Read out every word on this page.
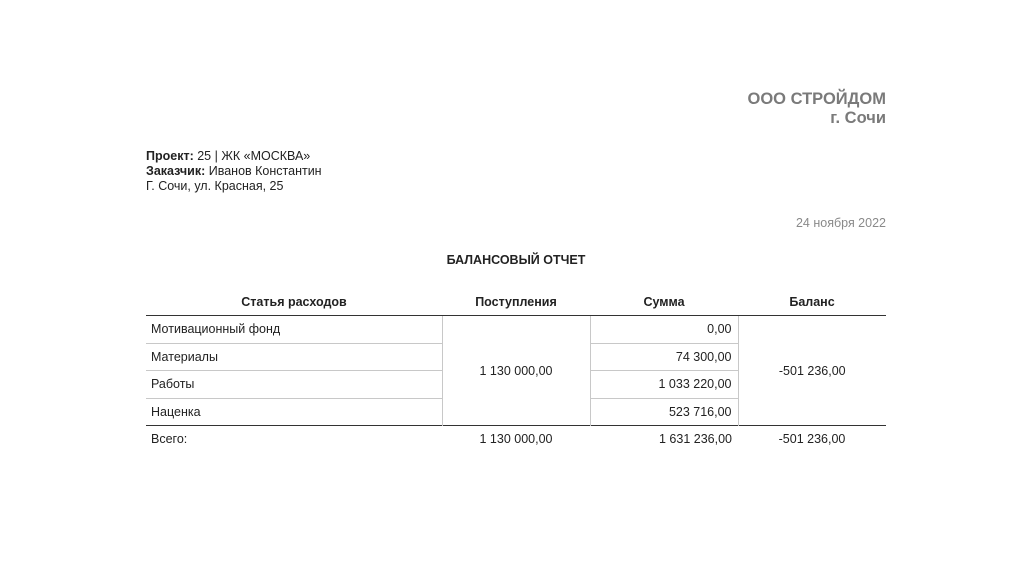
ООО СТРОЙДОМ
г. Сочи
Проект: 25 | ЖК «МОСКВА»
Заказчик: Иванов Константин
Г. Сочи, ул. Красная, 25
24 ноября 2022
БАЛАНСОВЫЙ ОТЧЕТ
Статья расходов	Поступления	Сумма	Баланс
Мотивационный фонд	1 130 000,00	0,00	-501 236,00
Материалы		74 300,00	
Работы		1 033 220,00	
Наценка		523 716,00	
Всего:	1 130 000,00	1 631 236,00	-501 236,00
